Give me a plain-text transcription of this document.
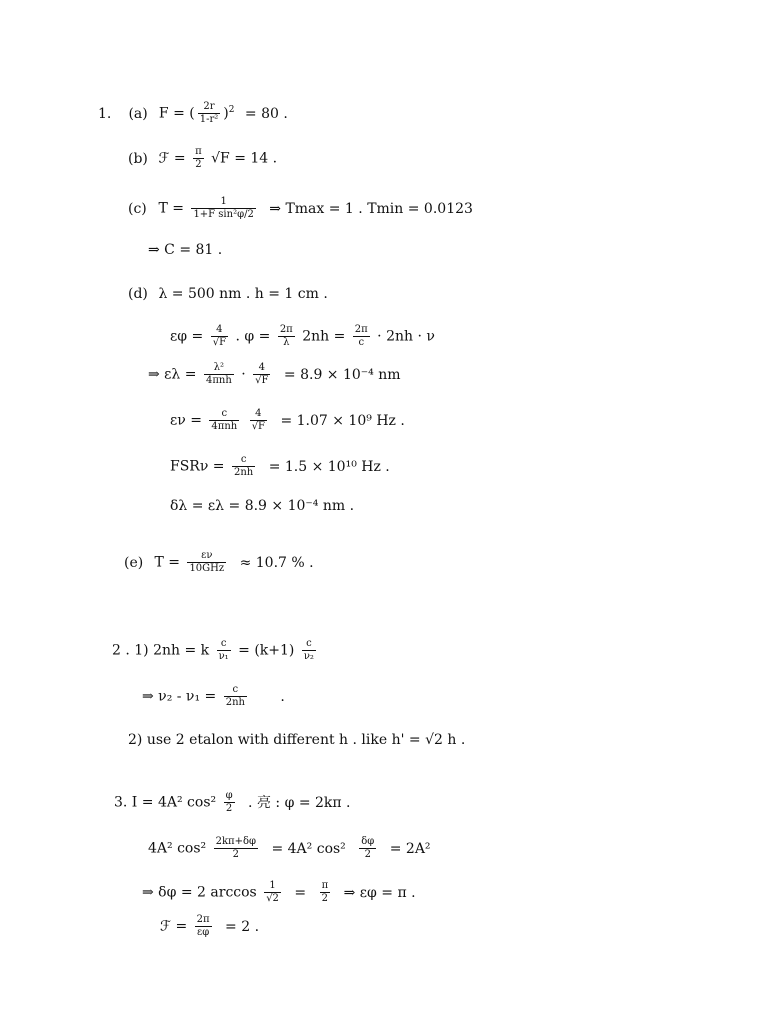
1. (a) F = ( $\frac{2r}{\text{1-r²}} )^2 = 80$ .
(b) ℱ = $\frac{\pi}{2} √F = 14$ .
(c) $T = \frac{1}{\text{1+F sin²φ/2}}$ ⇒ Tmax = 1 . Tmin = 0.0123
⇒ C = 81 .
(d) λ = 500 nm . h = 1 cm .
$\varepsilon\varphi = \frac{4}{√F}$ . $\varphi = \frac{2\pi}{\lambda} 2nh = \frac{2\pi}{c} \cdot 2nh \cdot \nu$
⇒ $\varepsilon\lambda = \frac{\text{λ²}}{\text{4πnh}} \cdot \frac{4}{√F} = 8.9 \times 10^{-4}$ nm
$\varepsilon\nu = \frac{c}{\text{4πnh}}$
$\frac{4}{√F} = 1.07 \times 10^9$ Hz .
$FSR\nu = \frac{c}{2nh} = 1.5 \times 10^{10}$ Hz .
δλ = ελ = 8.9 × 10⁻⁴ nm .
(e) $T = \frac{\varepsilon\nu}{\text{10GHz}} \approx 10.7$ % .
2 . 1) 2nh = k $\frac{c}{\text{ν₁}} = (k+1) \frac{c}{\text{ν₂}}$
⇒ $\nu_2 - \nu_1 = \frac{c}{2nh}$ .
2) use 2 etalon with different h . like h' = √2 h .
3. I = 4A² $\cos^2 \frac{\varphi}{2}$ . 亮 : φ = 2kπ .
4A² $\cos^2 \frac{2k\pi+\delta\varphi}{2} = 4A^2$ $\cos^2 \frac{\delta\varphi}{2} = 2A^2$
⇒ δφ = 2 $\arccos \frac{1}{√2} = \frac{\pi}{2}$ ⇒ εφ = π .
ℱ = $\frac{2\pi}{\varepsilon\varphi} = 2$ .
